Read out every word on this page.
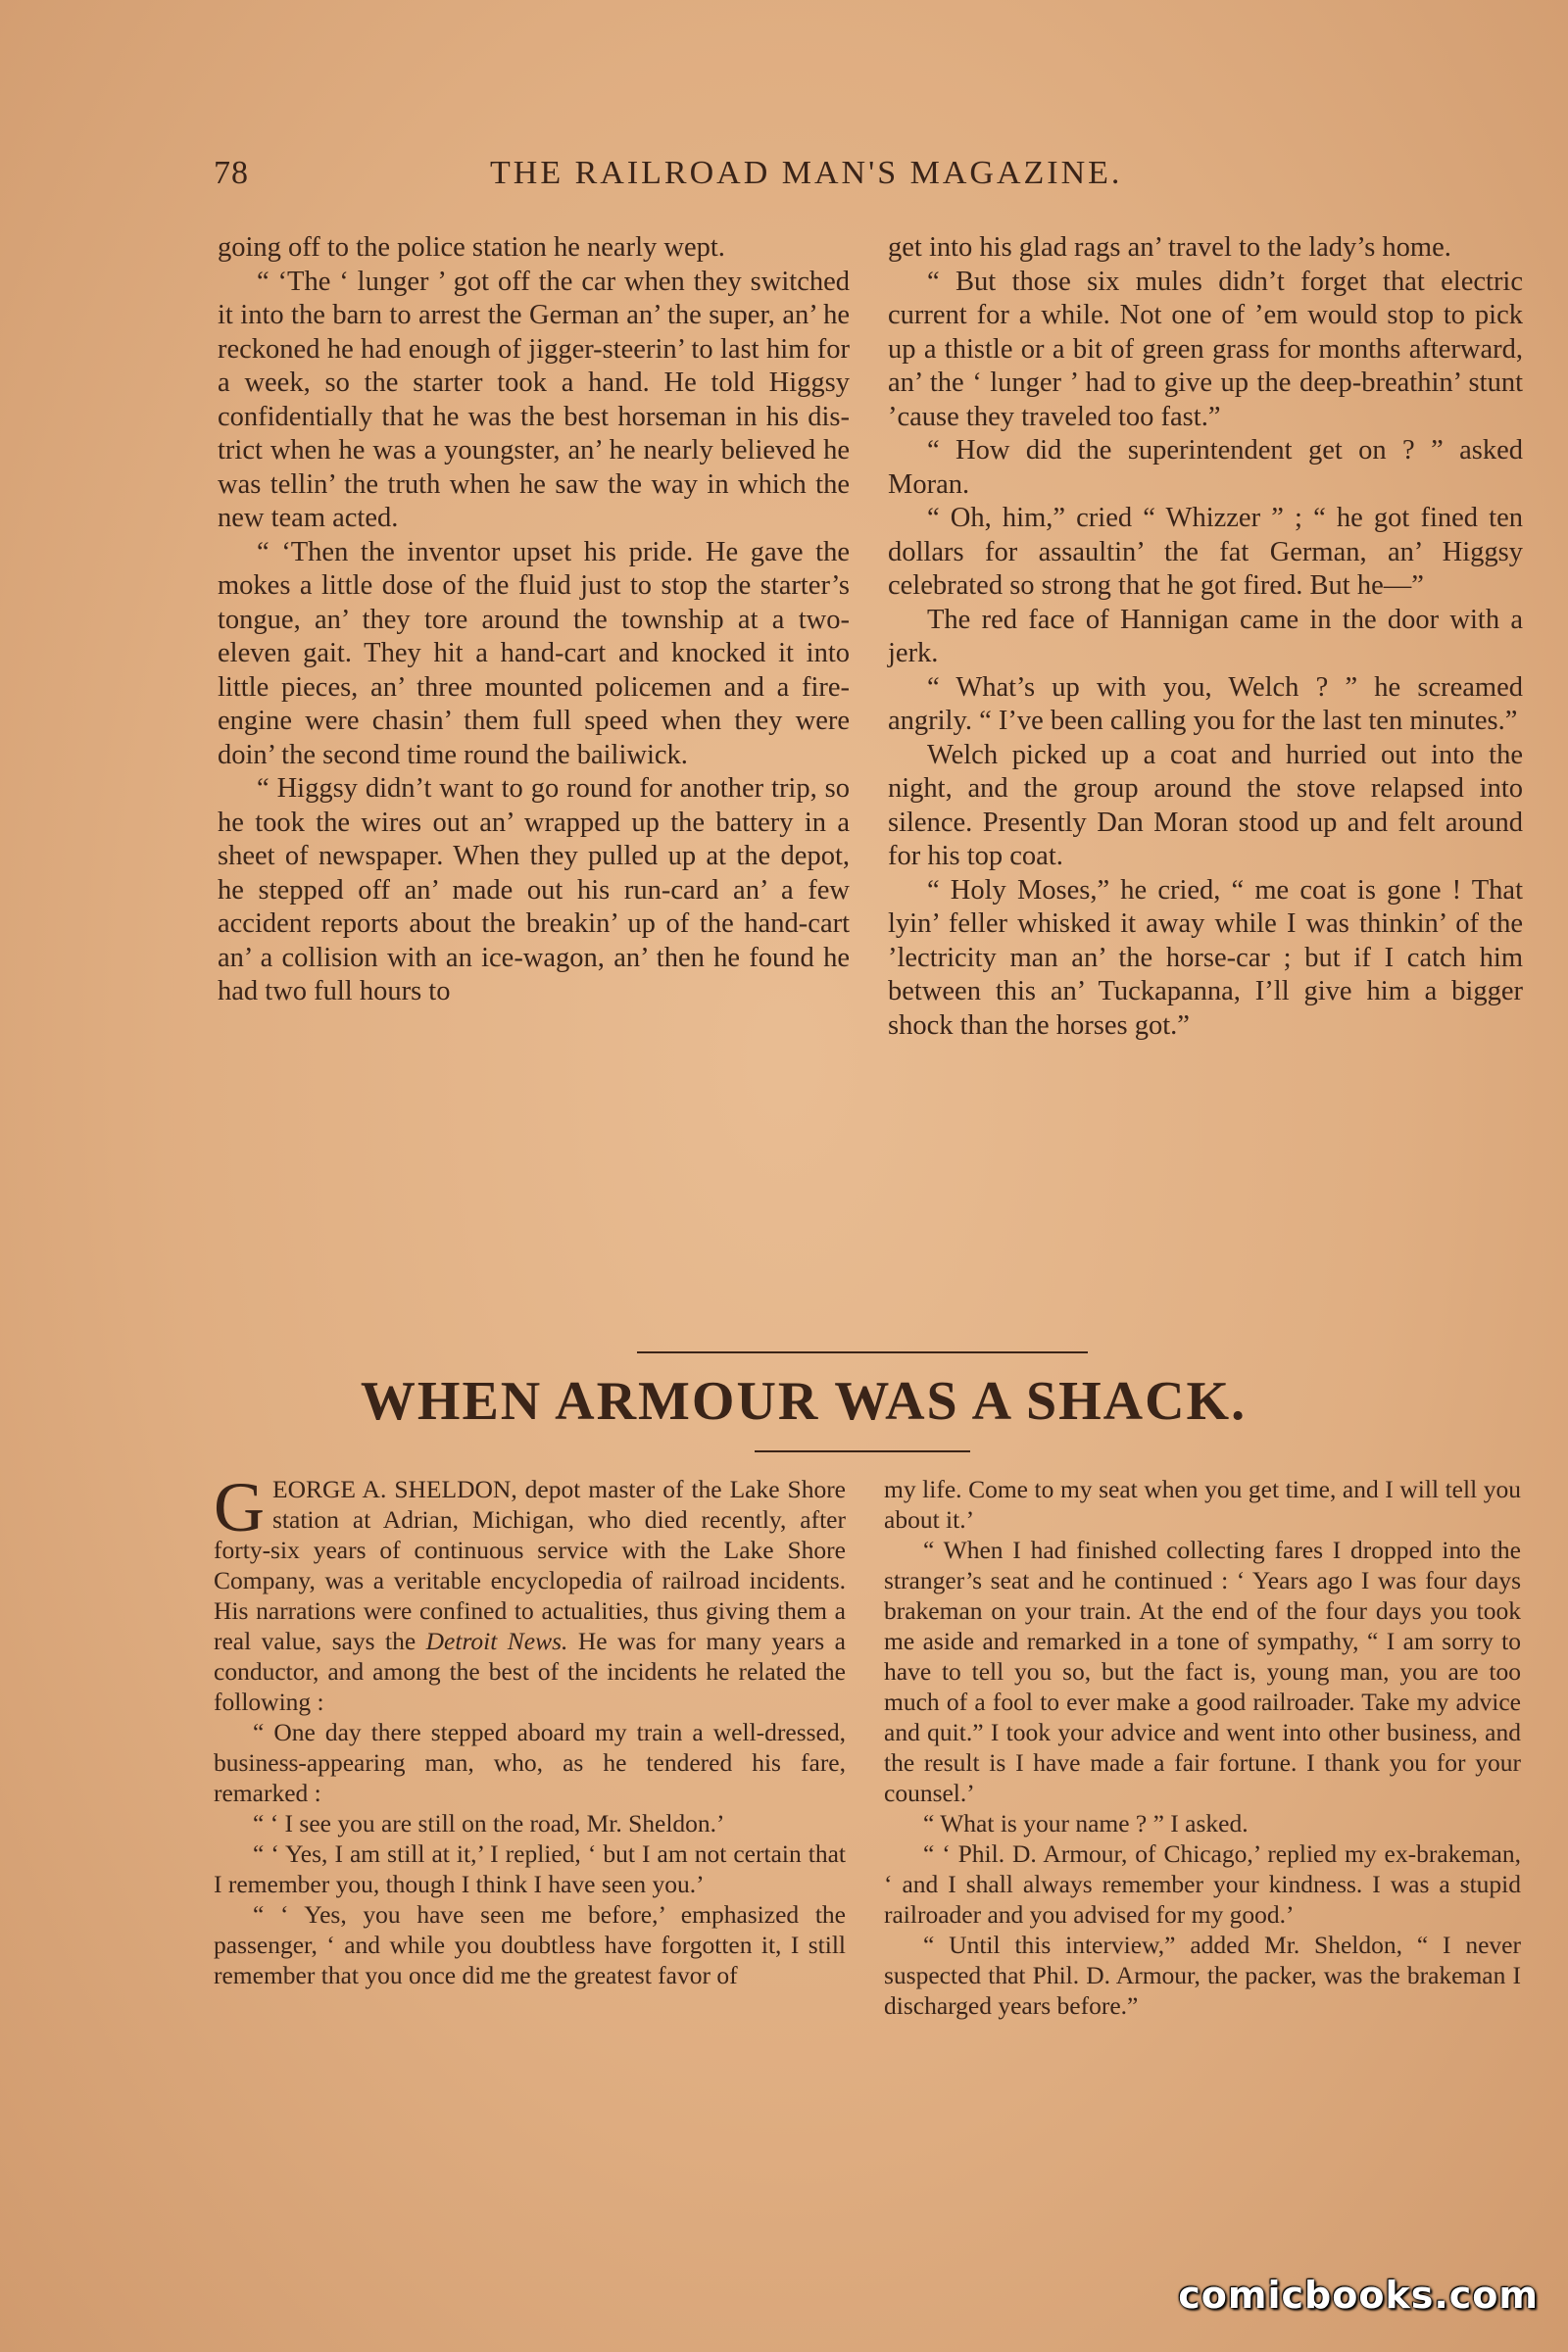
78	THE RAILROAD MAN'S MAGAZINE.

going off to the police station he nearly wept.

“ ‘The ‘ lunger ’ got off the car when they switched it into the barn to arrest the German an’ the super, an’ he reckoned he had enough of jigger-steerin’ to last him for a week, so the starter took a hand. He told Higgsy confidentially that he was the best horseman in his district when he was a youngster, an’ he nearly believed he was tellin’ the truth when he saw the way in which the new team acted.

“ ‘Then the inventor upset his pride. He gave the mokes a little dose of the fluid just to stop the starter’s tongue, an’ they tore around the township at a two-eleven gait. They hit a hand-cart and knocked it into little pieces, an’ three mounted policemen and a fire-engine were chasin’ them full speed when they were doin’ the second time round the bailiwick.

“ Higgsy didn’t want to go round for another trip, so he took the wires out an’ wrapped up the battery in a sheet of newspaper. When they pulled up at the depot, he stepped off an’ made out his run-card an’ a few accident reports about the breakin’ up of the hand-cart an’ a collision with an ice-wagon, an’ then he found he had two full hours to

get into his glad rags an’ travel to the lady’s home.

“ But those six mules didn’t forget that electric current for a while. Not one of ’em would stop to pick up a thistle or a bit of green grass for months afterward, an’ the ‘ lunger ’ had to give up the deep-breathin’ stunt ’cause they traveled too fast.”

“ How did the superintendent get on ? ” asked Moran.

“ Oh, him,” cried “ Whizzer ” ; “ he got fined ten dollars for assaultin’ the fat German, an’ Higgsy celebrated so strong that he got fired. But he—”

The red face of Hannigan came in the door with a jerk.

“ What’s up with you, Welch ? ” he screamed angrily. “ I’ve been calling you for the last ten minutes.”

Welch picked up a coat and hurried out into the night, and the group around the stove relapsed into silence. Presently Dan Moran stood up and felt around for his top coat.

“ Holy Moses,” he cried, “ me coat is gone ! That lyin’ feller whisked it away while I was thinkin’ of the ’lectricity man an’ the horse-car ; but if I catch him between this an’ Tuckapanna, I’ll give him a bigger shock than the horses got.”

WHEN ARMOUR WAS A SHACK.

GEORGE A. SHELDON, depot master of the Lake Shore station at Adrian, Michigan, who died recently, after forty-six years of continuous service with the Lake Shore Company, was a veritable encyclopedia of railroad incidents. His narrations were confined to actualities, thus giving them a real value, says the Detroit News. He was for many years a conductor, and among the best of the incidents he related the following :

“ One day there stepped aboard my train a well-dressed, business-appearing man, who, as he tendered his fare, remarked :

“ ‘ I see you are still on the road, Mr. Sheldon.’

“ ‘ Yes, I am still at it,’ I replied, ‘ but I am not certain that I remember you, though I think I have seen you.’

“ ‘ Yes, you have seen me before,’ emphasized the passenger, ‘ and while you doubtless have forgotten it, I still remember that you once did me the greatest favor of

my life. Come to my seat when you get time, and I will tell you about it.’

“ When I had finished collecting fares I dropped into the stranger’s seat and he continued : ‘ Years ago I was four days brakeman on your train. At the end of the four days you took me aside and remarked in a tone of sympathy, “ I am sorry to have to tell you so, but the fact is, young man, you are too much of a fool to ever make a good railroader. Take my advice and quit.” I took your advice and went into other business, and the result is I have made a fair fortune. I thank you for your counsel.’

“ What is your name ? ” I asked.

“ ‘ Phil. D. Armour, of Chicago,’ replied my ex-brakeman, ‘ and I shall always remember your kindness. I was a stupid railroader and you advised for my good.’

“ Until this interview,” added Mr. Sheldon, “ I never suspected that Phil. D. Armour, the packer, was the brakeman I discharged years before.”

comicbooks.com
